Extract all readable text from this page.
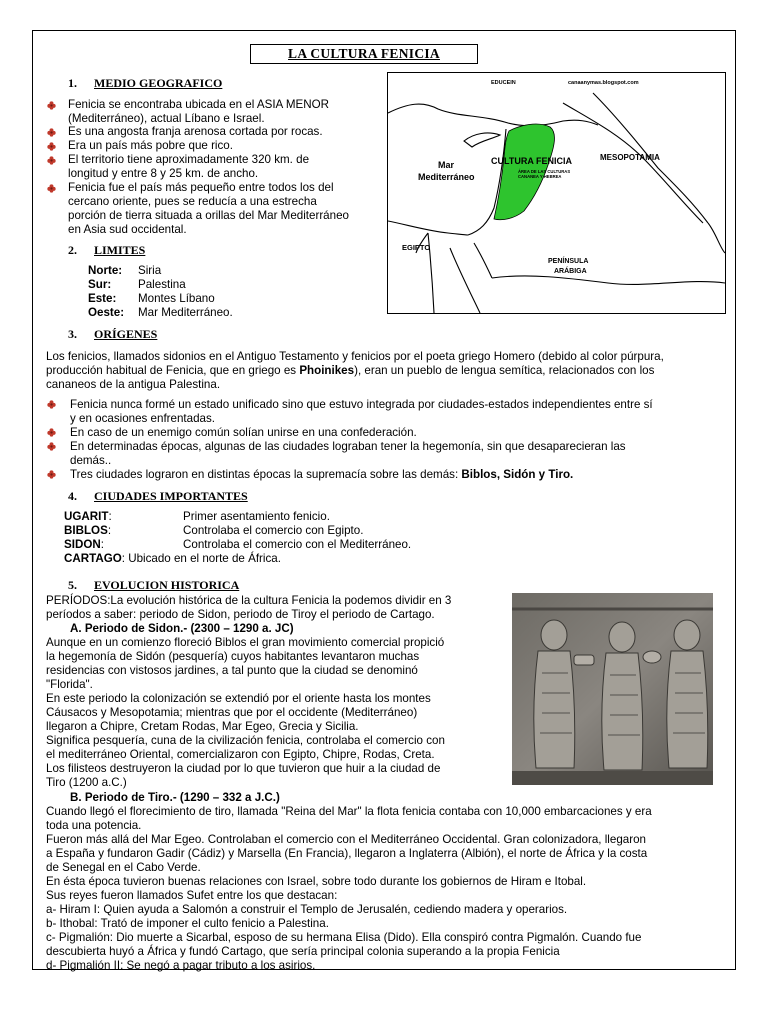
LA CULTURA FENICIA
1. MEDIO GEOGRAFICO
Fenicia se encontraba ubicada en el ASIA MENOR
(Mediterráneo), actual Líbano e Israel.
Es una angosta franja arenosa cortada por rocas.
Era un país más pobre que rico.
El territorio tiene aproximadamente 320 km. de
longitud y entre 8 y 25 km. de ancho.
Fenicia fue el país más pequeño entre todos los del
cercano oriente, pues se reducía a una estrecha
porción de tierra situada a orillas del Mar Mediterráneo
en Asia sud occidental.
EDUCEIN	canaanymas.blogspot.com
Mar
Mediterráneo
CULTURA FENICIA
ÁREA DE LAS CULTURAS
CANANEA Y HEBREA
MESOPOTAMIA
EGIPTO
PENÍNSULA
ARÁBIGA
2. LIMITES
Norte: Siria
Sur: Palestina
Este: Montes Líbano
Oeste: Mar Mediterráneo.
3. ORÍGENES
Los fenicios, llamados sidonios en el Antiguo Testamento y fenicios por el poeta griego Homero (debido al color púrpura,
producción habitual de Fenicia, que en griego es Phoinikes), eran un pueblo de lengua semítica, relacionados con los
cananeos de la antigua Palestina.
Fenicia nunca formé un estado unificado sino que estuvo integrada por ciudades-estados independientes entre sí
y en ocasiones enfrentadas.
En caso de un enemigo común solían unirse en una confederación.
En determinadas épocas, algunas de las ciudades lograban tener la hegemonía, sin que desaparecieran las
demás..
Tres ciudades lograron en distintas épocas la supremacía sobre las demás: Biblos, Sidón y Tiro.
4. CIUDADES IMPORTANTES
UGARIT:	Primer asentamiento fenicio.
BIBLOS:	Controlaba el comercio con Egipto.
SIDON:	Controlaba el comercio con el Mediterráneo.
CARTAGO: Ubicado en el norte de África.
5. EVOLUCION HISTORICA
PERÍODOS:La evolución histórica de la cultura Fenicia la podemos dividir en 3
períodos a saber: periodo de Sidon, periodo de Tiroy el periodo de Cartago.
A. Periodo de Sidon.- (2300 – 1290 a. JC)
Aunque en un comienzo floreció Biblos el gran movimiento comercial propició
la hegemonía de Sidón (pesquería) cuyos habitantes levantaron muchas
residencias con vistosos jardines, a tal punto que la ciudad se denominó
"Florida".
En este periodo la colonización se extendió por el oriente hasta los montes
Cáusacos y Mesopotamia; mientras que por el occidente (Mediterráneo)
llegaron a Chipre, Cretam Rodas, Mar Egeo, Grecia y Sicilia.
Significa pesquería, cuna de la civilización fenicia, controlaba el comercio con
el mediterráneo Oriental, comercializaron con Egipto, Chipre, Rodas, Creta.
Los filisteos destruyeron la ciudad por lo que tuvieron que huir a la ciudad de
Tiro (1200 a.C.)
B. Periodo de Tiro.- (1290 – 332 a J.C.)
Cuando llegó el florecimiento de tiro, llamada "Reina del Mar" la flota fenicia contaba con 10,000 embarcaciones y era
toda una potencia.
Fueron más allá del Mar Egeo. Controlaban el comercio con el Mediterráneo Occidental. Gran colonizadora, llegaron
a España y fundaron Gadir (Cádiz) y Marsella (En Francia), llegaron a Inglaterra (Albión), el norte de África y la costa
de Senegal en el Cabo Verde.
En ésta época tuvieron buenas relaciones con Israel, sobre todo durante los gobiernos de Hiram e Itobal.
Sus reyes fueron llamados Sufet entre los que destacan:
a- Hiram I: Quien ayuda a Salomón a construir el Templo de Jerusalén, cediendo madera y operarios.
b- Ithobal: Trató de imponer el culto fenicio a Palestina.
c- Pigmalión: Dio muerte a Sicarbal, esposo de su hermana Elisa (Dido). Ella conspiró contra Pigmalón. Cuando fue
descubierta huyó a África y fundó Cartago, que sería principal colonia superando a la propia Fenicia
d- Pigmalión II: Se negó a pagar tributo a los asirios.
